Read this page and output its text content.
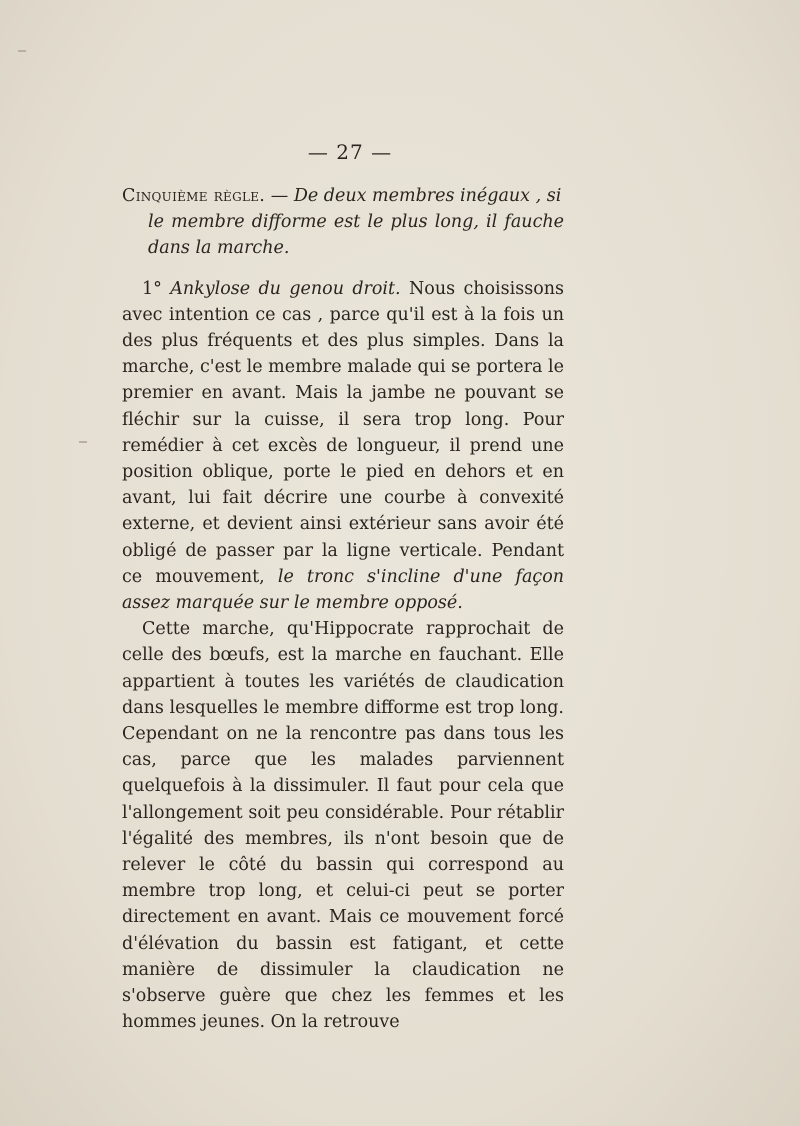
— 27 —

Cinquième règle. — De deux membres inégaux , si
le membre difforme est le plus long, il fauche dans la marche.

1° Ankylose du genou droit. Nous choisissons avec intention ce cas , parce qu'il est à la fois un des plus fréquents et des plus simples. Dans la marche, c'est le membre malade qui se portera le premier en avant. Mais la jambe ne pouvant se fléchir sur la cuisse, il sera trop long. Pour remédier à cet excès de longueur, il prend une position oblique, porte le pied en dehors et en avant, lui fait décrire une courbe à convexité externe, et devient ainsi extérieur sans avoir été obligé de passer par la ligne verticale. Pendant ce mouvement, le tronc s'incline d'une façon assez marquée sur le membre opposé.

Cette marche, qu'Hippocrate rapprochait de celle des bœufs, est la marche en fauchant. Elle appartient à toutes les variétés de claudication dans lesquelles le membre difforme est trop long. Cependant on ne la rencontre pas dans tous les cas, parce que les malades parviennent quelquefois à la dissimuler. Il faut pour cela que l'allongement soit peu considérable. Pour rétablir l'égalité des membres, ils n'ont besoin que de relever le côté du bassin qui correspond au membre trop long, et celui-ci peut se porter directement en avant. Mais ce mouvement forcé d'élévation du bassin est fatigant, et cette manière de dissimuler la claudication ne s'observe guère que chez les femmes et les hommes jeunes. On la retrouve
